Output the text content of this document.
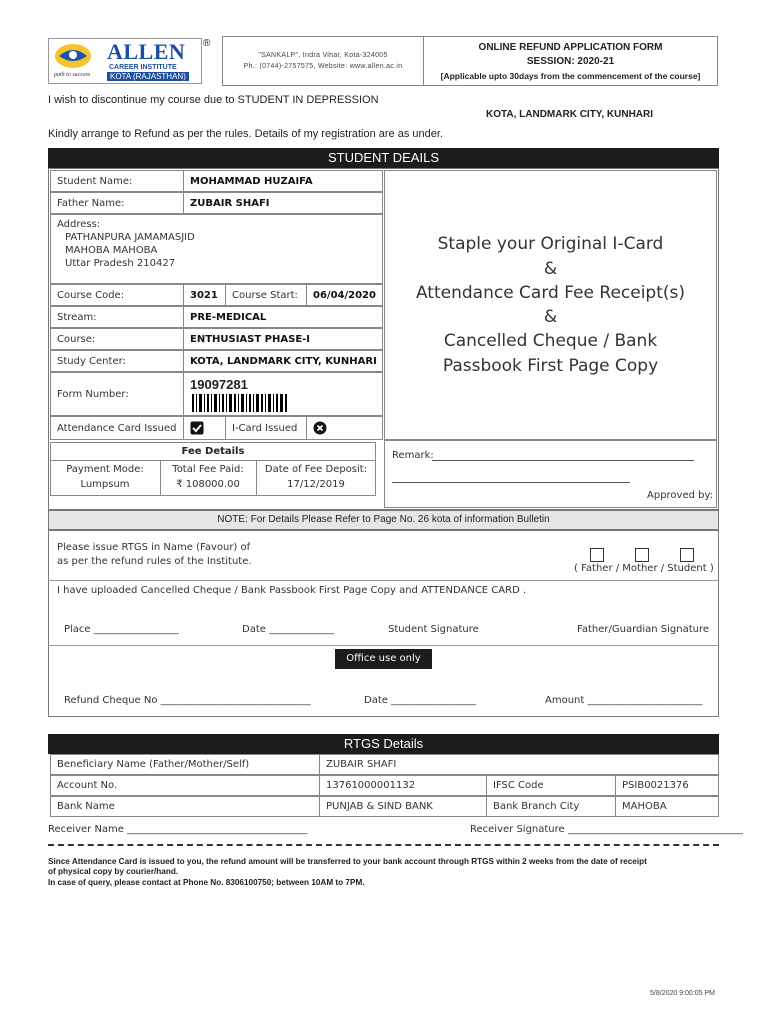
ALLEN
CAREER INSTITUTE
KOTA (RAJASTHAN)
path to success
®
"SANKALP", Indra Vihar, Kota-324005
Ph.: (0744)-2757575, Website: www.allen.ac.in
ONLINE REFUND APPLICATION FORM
SESSION: 2020-21
[Applicable upto 30days from the commencement of the course]
I wish to discontinue my course due to STUDENT IN DEPRESSION
KOTA, LANDMARK CITY, KUNHARI
Kindly arrange to Refund as per the rules. Details of my registration are as under.
STUDENT DEAILS
Student Name:	MOHAMMAD HUZAIFA
Father Name:	ZUBAIR SHAFI
Address:
PATHANPURA JAMAMASJID
MAHOBA MAHOBA
Uttar Pradesh 210427
Course Code:	3021 Course Start: 06/04/2020
Stream:	PRE-MEDICAL
Course:	ENTHUSIAST PHASE-I
Study Center:	KOTA, LANDMARK CITY, KUNHARI
Form Number:
19097281
Attendance Card Issued	I-Card Issued
Staple your Original I-Card
&
Attendance Card Fee Receipt(s)
&
Cancelled Cheque / Bank
Passbook First Page Copy
Fee Details
Payment Mode:
Lumpsum
Total Fee Paid:
₹ 108000.00
Date of Fee Deposit:
17/12/2019
Remark:
Approved by:
NOTE: For Details Please Refer to Page No. 26 kota of information Bulletin
Please issue RTGS in Name (Favour) of
as per the refund rules of the Institute.
( Father / Mother / Student )
I have uploaded Cancelled Cheque / Bank Passbook First Page Copy and ATTENDANCE CARD .
Place _________________	Date _____________	Student Signature	Father/Guardian Signature
Office use only
Refund Cheque No ______________________________	Date _________________	Amount _______________________
RTGS Details
Beneficiary Name (Father/Mother/Self)	ZUBAIR SHAFI
Account No.	13761000001132	IFSC Code	PSIB0021376
Bank Name	PUNJAB & SIND BANK	Bank Branch City	MAHOBA
Receiver Name ____________________________________	Receiver Signature ___________________________________
Since Attendance Card is issued to you, the refund amount will be transferred to your bank account through RTGS within 2 weeks from the date of receipt
of physical copy by courier/hand.
In case of query, please contact at Phone No. 8306100750; between 10AM to 7PM.
5/8/2020 9:00:05 PM
